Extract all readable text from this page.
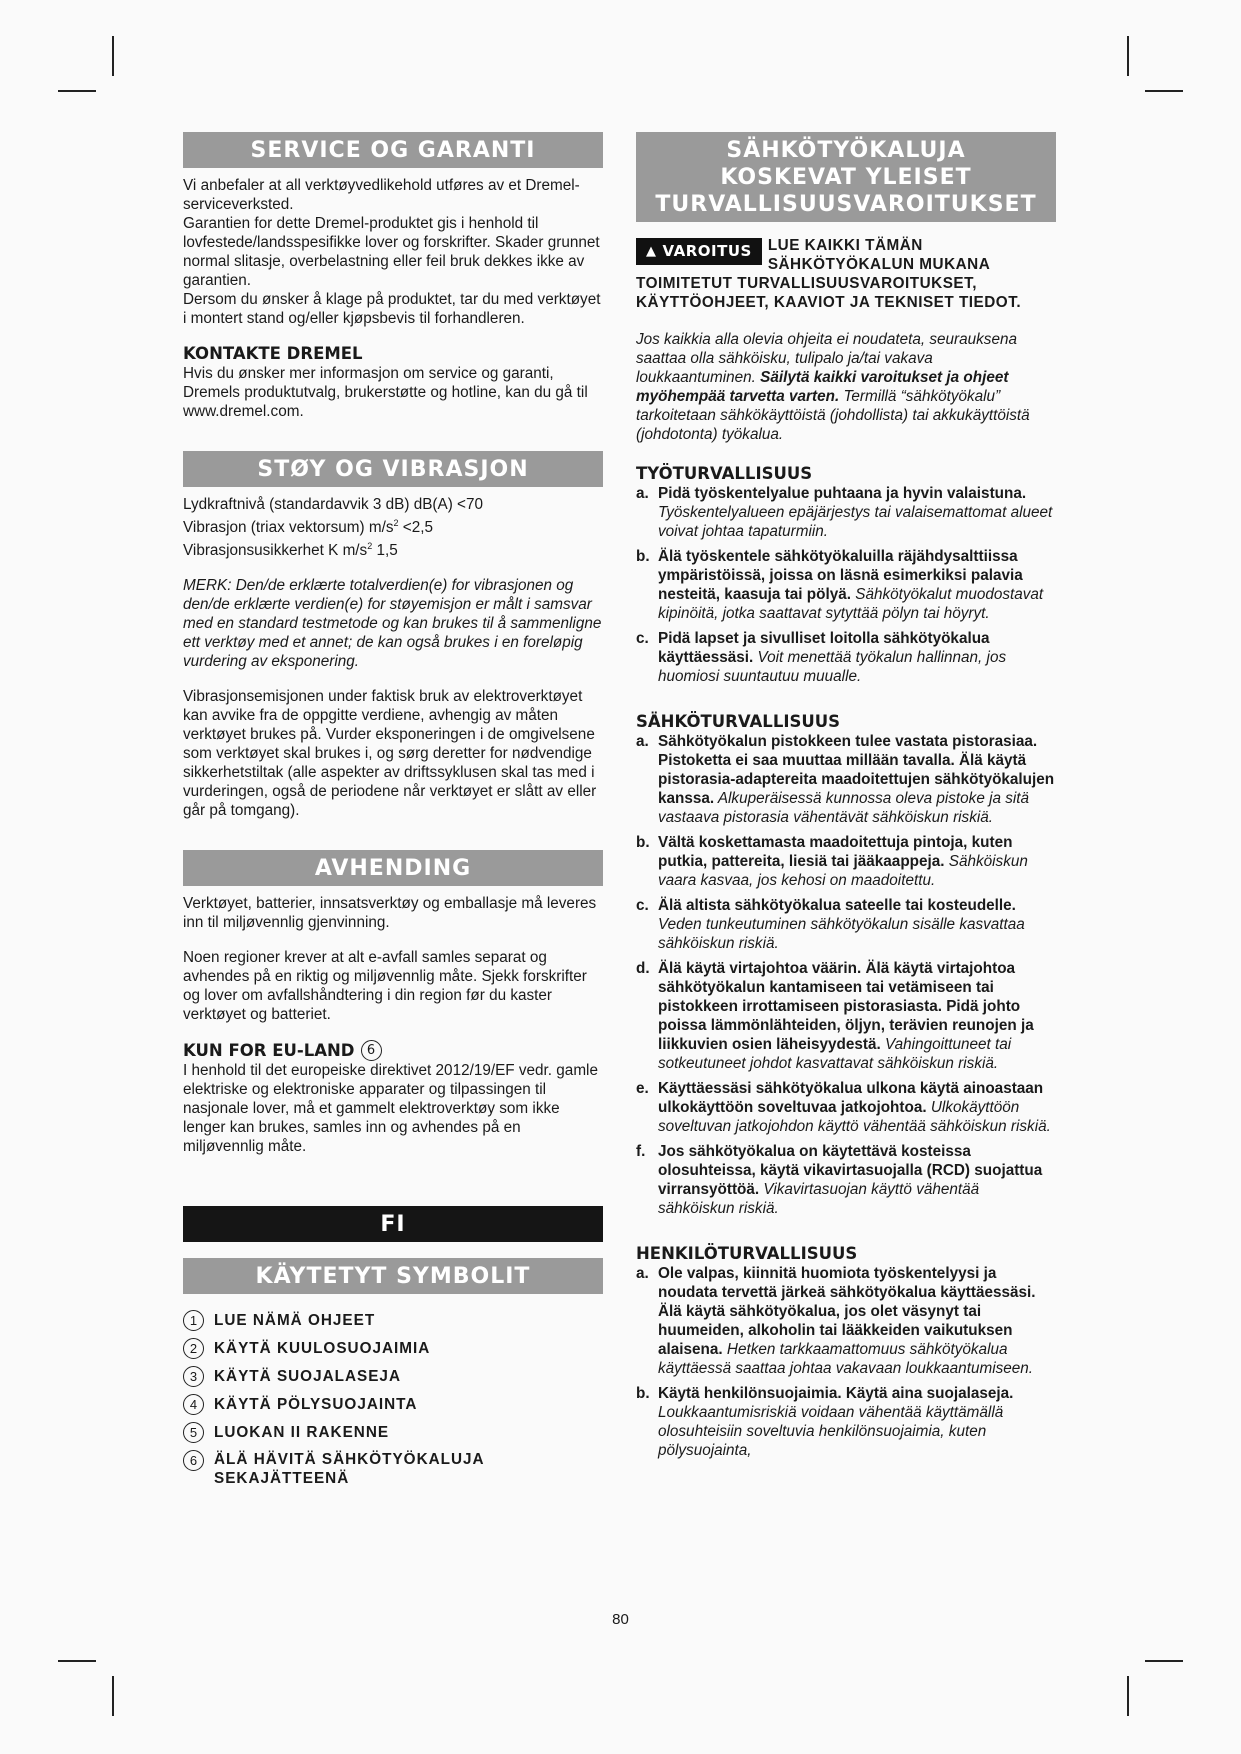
SERVICE OG GARANTI

Vi anbefaler at all verktøyvedlikehold utføres av et Dremel-serviceverksted.

Garantien for dette Dremel-produktet gis i henhold til lovfestede/landsspesifikke lover og forskrifter. Skader grunnet normal slitasje, overbelastning eller feil bruk dekkes ikke av garantien.

Dersom du ønsker å klage på produktet, tar du med verktøyet i montert stand og/eller kjøpsbevis til forhandleren.

KONTAKTE DREMEL

Hvis du ønsker mer informasjon om service og garanti, Dremels produktutvalg, brukerstøtte og hotline, kan du gå til www.dremel.com.

STØY OG VIBRASJON

Lydkraftnivå (standardavvik 3 dB) dB(A) <70

Vibrasjon (triax vektorsum) $m/s^2 <2,5$

Vibrasjonsusikkerhet K $m/s^2$ 1,5

MERK: Den/de erklærte totalverdien(e) for vibrasjonen og den/de erklærte verdien(e) for støyemisjon er målt i samsvar med en standard testmetode og kan brukes til å sammenligne ett verktøy med et annet; de kan også brukes i en foreløpig vurdering av eksponering.

Vibrasjonsemisjonen under faktisk bruk av elektroverktøyet kan avvike fra de oppgitte verdiene, avhengig av måten verktøyet brukes på. Vurder eksponeringen i de omgivelsene som verktøyet skal brukes i, og sørg deretter for nødvendige sikkerhetstiltak (alle aspekter av driftssyklusen skal tas med i vurderingen, også de periodene når verktøyet er slått av eller går på tomgang).

AVHENDING

Verktøyet, batterier, innsatsverktøy og emballasje må leveres inn til miljøvennlig gjenvinning.

Noen regioner krever at alt e-avfall samles separat og avhendes på en riktig og miljøvennlig måte. Sjekk forskrifter og lover om avfallshåndtering i din region før du kaster verktøyet og batteriet.

KUN FOR EU-LAND 6

I henhold til det europeiske direktivet 2012/19/EF vedr. gamle elektriske og elektroniske apparater og tilpassingen til nasjonale lover, må et gammelt elektroverktøy som ikke lenger kan brukes, samles inn og avhendes på en miljøvennlig måte.

FI
KÄYTETYT SYMBOLIT
1	LUE NÄMÄ OHJEET
2	KÄYTÄ KUULOSUOJAIMIA
3	KÄYTÄ SUOJALASEJA
4	KÄYTÄ PÖLYSUOJAINTA
5	LUOKAN II RAKENNE
6	ÄLÄ HÄVITÄ SÄHKÖTYÖKALUJA SEKAJÄTTEENÄ
SÄHKÖTYÖKALUJA
KOSKEVAT YLEISET
TURVALLISUUSVAROITUKSET
▲ VAROITUS LUE KAIKKI TÄMÄN SÄHKÖTYÖKALUN MUKANA TOIMITETUT TURVALLISUUSVAROITUKSET, KÄYTTÖOHJEET, KAAVIOT JA TEKNISET TIEDOT.

Jos kaikkia alla olevia ohjeita ei noudateta, seurauksena saattaa olla sähköisku, tulipalo ja/tai vakava loukkaantuminen. Säilytä kaikki varoitukset ja ohjeet myöhempää tarvetta varten. Termillä “sähkötyökalu” tarkoitetaan sähkökäyttöistä (johdollista) tai akkukäyttöistä (johdotonta) työkalua.

TYÖTURVALLISUUS
a. Pidä työskentelyalue puhtaana ja hyvin valaistuna. Työskentelyalueen epäjärjestys tai valaisemattomat alueet voivat johtaa tapaturmiin.
b. Älä työskentele sähkötyökaluilla räjähdysalttiissa ympäristöissä, joissa on läsnä esimerkiksi palavia nesteitä, kaasuja tai pölyä. Sähkötyökalut muodostavat kipinöitä, jotka saattavat sytyttää pölyn tai höyryt.
c. Pidä lapset ja sivulliset loitolla sähkötyökalua käyttäessäsi. Voit menettää työkalun hallinnan, jos huomiosi suuntautuu muualle.
SÄHKÖTURVALLISUUS
a. Sähkötyökalun pistokkeen tulee vastata pistorasiaa. Pistoketta ei saa muuttaa millään tavalla. Älä käytä pistorasia-adaptereita maadoitettujen sähkötyökalujen kanssa. Alkuperäisessä kunnossa oleva pistoke ja sitä vastaava pistorasia vähentävät sähköiskun riskiä.
b. Vältä koskettamasta maadoitettuja pintoja, kuten putkia, pattereita, liesiä tai jääkaappeja. Sähköiskun vaara kasvaa, jos kehosi on maadoitettu.
c. Älä altista sähkötyökalua sateelle tai kosteudelle. Veden tunkeutuminen sähkötyökalun sisälle kasvattaa sähköiskun riskiä.
d. Älä käytä virtajohtoa väärin. Älä käytä virtajohtoa sähkötyökalun kantamiseen tai vetämiseen tai pistokkeen irrottamiseen pistorasiasta. Pidä johto poissa lämmönlähteiden, öljyn, terävien reunojen ja liikkuvien osien läheisyydestä. Vahingoittuneet tai sotkeutuneet johdot kasvattavat sähköiskun riskiä.
e. Käyttäessäsi sähkötyökalua ulkona käytä ainoastaan ulkokäyttöön soveltuvaa jatkojohtoa. Ulkokäyttöön soveltuvan jatkojohdon käyttö vähentää sähköiskun riskiä.
f. Jos sähkötyökalua on käytettävä kosteissa olosuhteissa, käytä vikavirtasuojalla (RCD) suojattua virransyöttöä. Vikavirtasuojan käyttö vähentää sähköiskun riskiä.
HENKILÖTURVALLISUUS
a. Ole valpas, kiinnitä huomiota työskentelyysi ja noudata tervettä järkeä sähkötyökalua käyttäessäsi. Älä käytä sähkötyökalua, jos olet väsynyt tai huumeiden, alkoholin tai lääkkeiden vaikutuksen alaisena. Hetken tarkkaamattomuus sähkötyökalua käyttäessä saattaa johtaa vakavaan loukkaantumiseen.
b. Käytä henkilönsuojaimia. Käytä aina suojalaseja. Loukkaantumisriskiä voidaan vähentää käyttämällä olosuhteisiin soveltuvia henkilönsuojaimia, kuten pölysuojainta,
80
